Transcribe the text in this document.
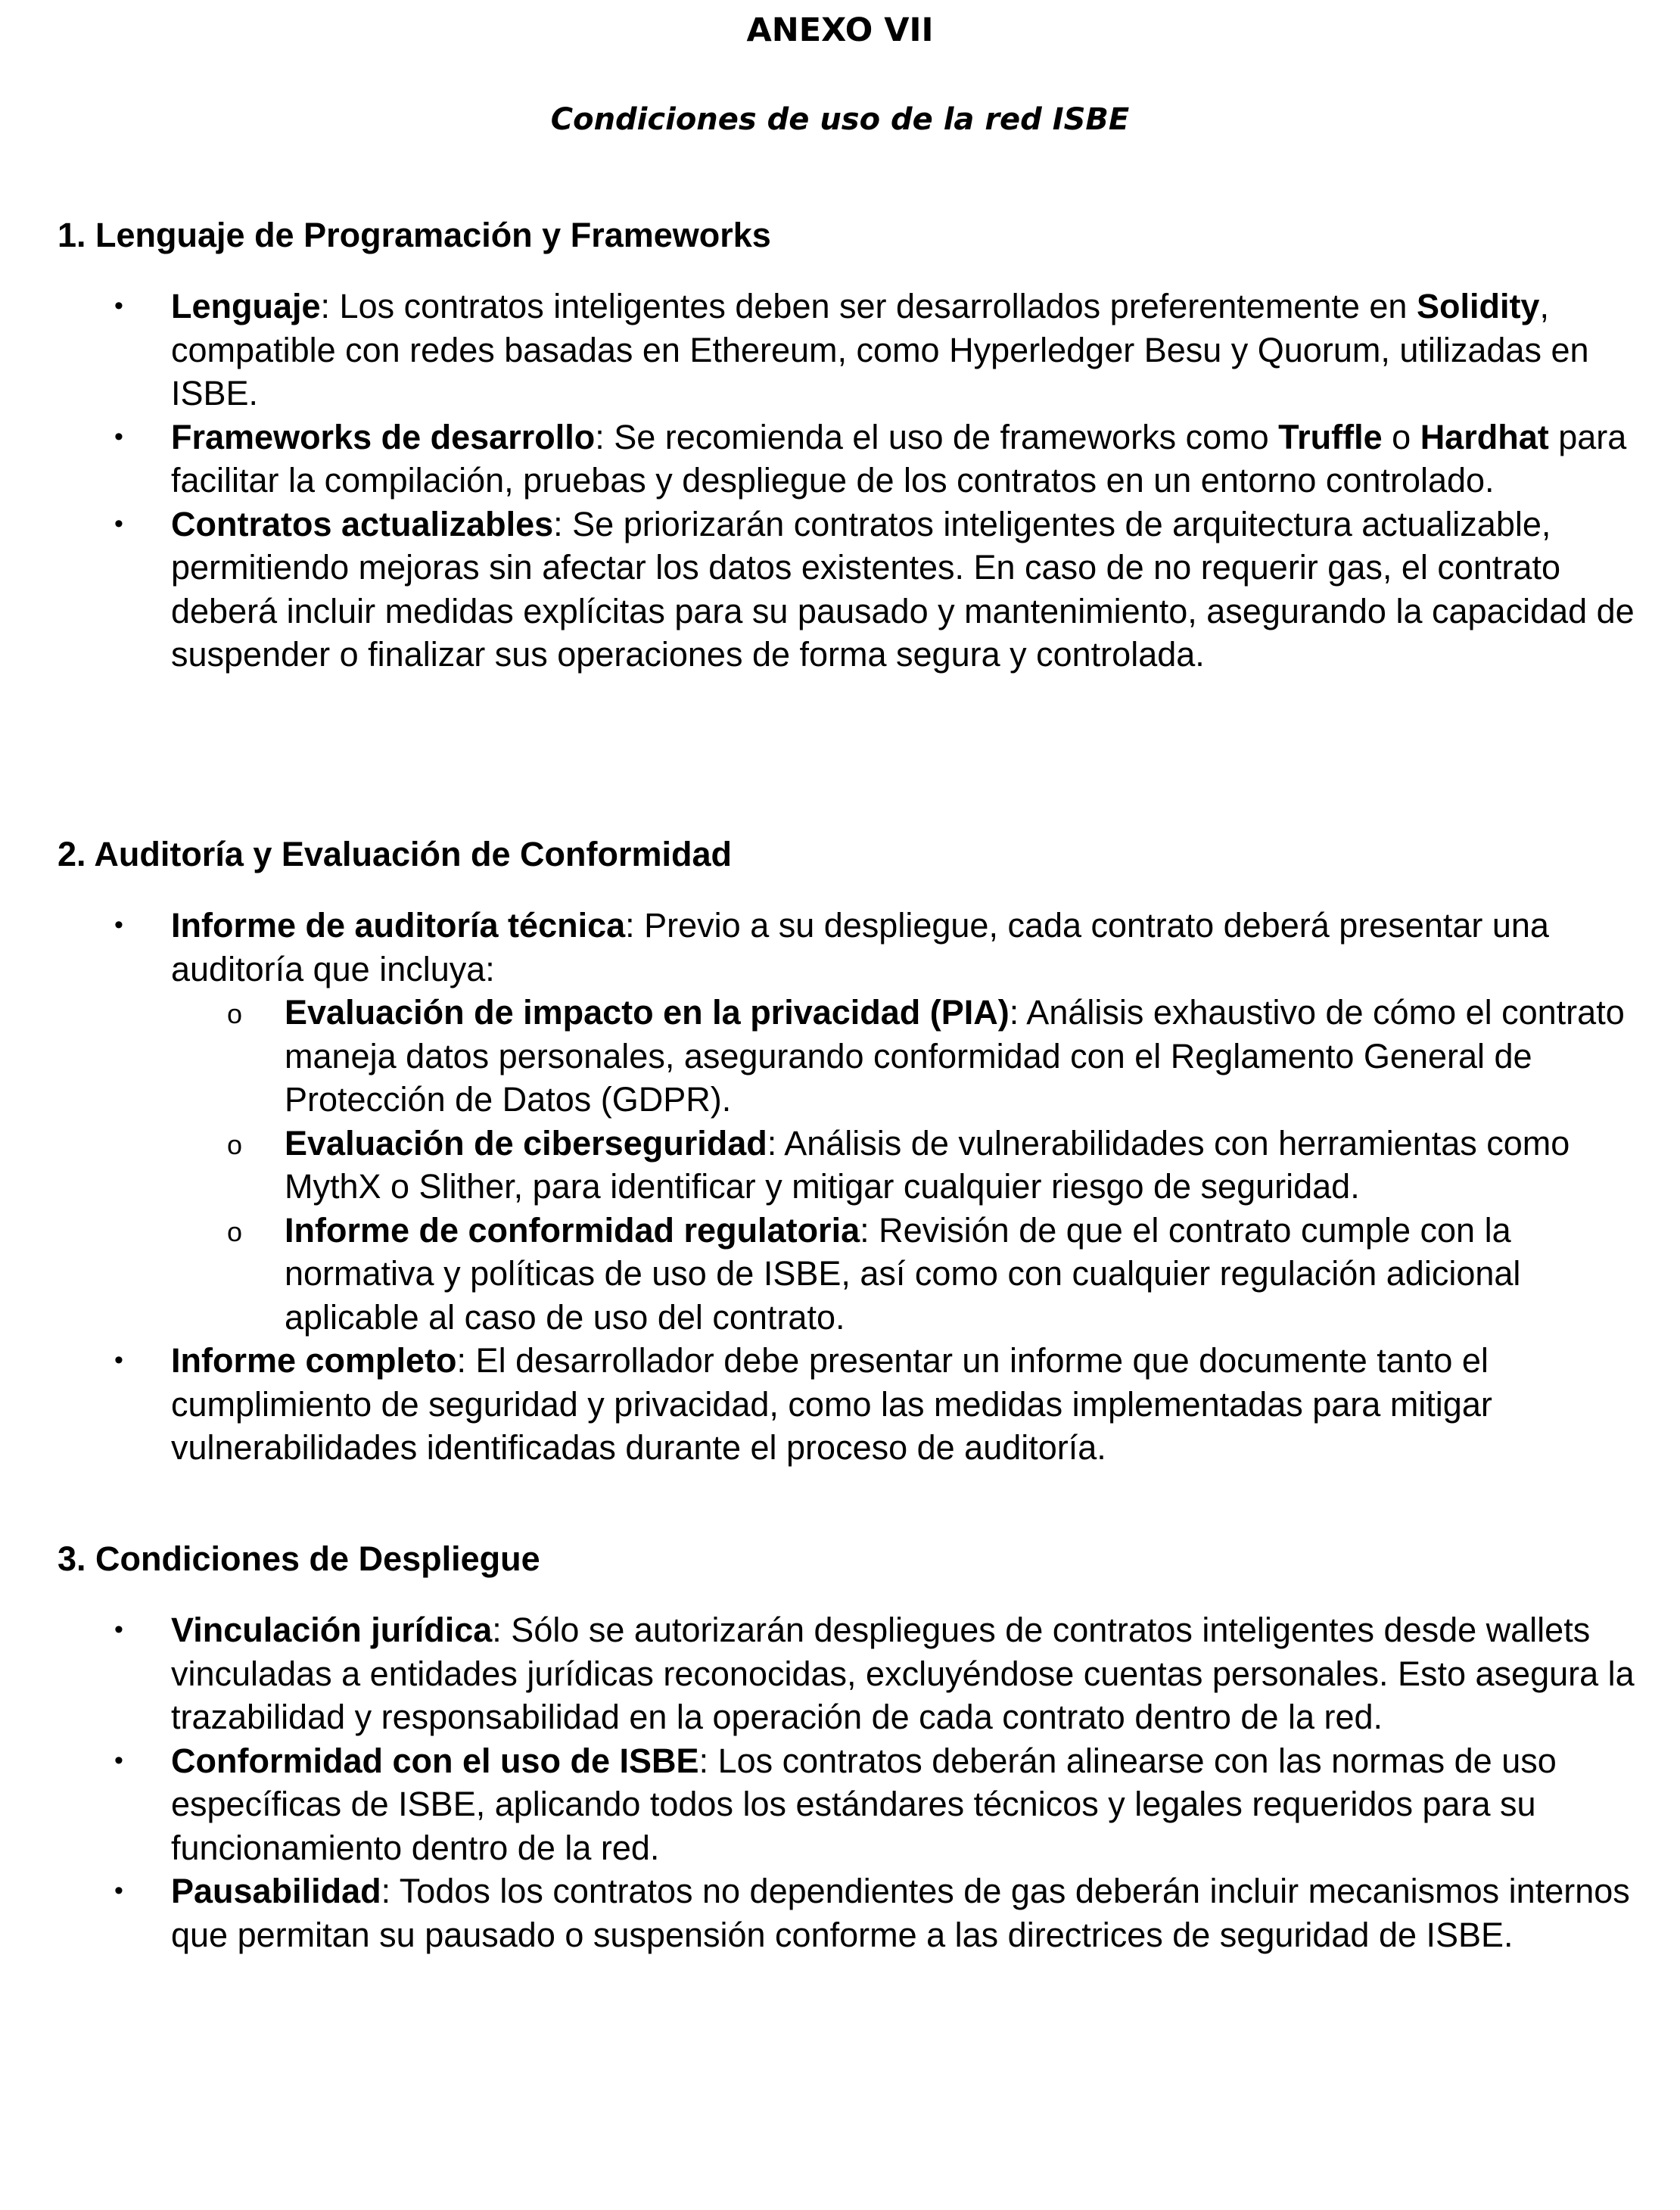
ANEXO VII
Condiciones de uso de la red ISBE
1. Lenguaje de Programación y Frameworks
•	Lenguaje: Los contratos inteligentes deben ser desarrollados preferentemente en Solidity, compatible con redes basadas en Ethereum, como Hyperledger Besu y Quorum, utilizadas en ISBE.
•	Frameworks de desarrollo: Se recomienda el uso de frameworks como Truffle o Hardhat para facilitar la compilación, pruebas y despliegue de los contratos en un entorno controlado.
•	Contratos actualizables: Se priorizarán contratos inteligentes de arquitectura actualizable, permitiendo mejoras sin afectar los datos existentes. En caso de no requerir gas, el contrato deberá incluir medidas explícitas para su pausado y mantenimiento, asegurando la capacidad de suspender o finalizar sus operaciones de forma segura y controlada.
2. Auditoría y Evaluación de Conformidad
•	Informe de auditoría técnica: Previo a su despliegue, cada contrato deberá presentar una auditoría que incluya:
o Evaluación de impacto en la privacidad (PIA): Análisis exhaustivo de cómo el contrato maneja datos personales, asegurando conformidad con el Reglamento General de Protección de Datos (GDPR).
o Evaluación de ciberseguridad: Análisis de vulnerabilidades con herramientas como MythX o Slither, para identificar y mitigar cualquier riesgo de seguridad.
o Informe de conformidad regulatoria: Revisión de que el contrato cumple con la normativa y políticas de uso de ISBE, así como con cualquier regulación adicional aplicable al caso de uso del contrato.
•	Informe completo: El desarrollador debe presentar un informe que documente tanto el cumplimiento de seguridad y privacidad, como las medidas implementadas para mitigar vulnerabilidades identificadas durante el proceso de auditoría.
3. Condiciones de Despliegue
•	Vinculación jurídica: Sólo se autorizarán despliegues de contratos inteligentes desde wallets vinculadas a entidades jurídicas reconocidas, excluyéndose cuentas personales. Esto asegura la trazabilidad y responsabilidad en la operación de cada contrato dentro de la red.
•	Conformidad con el uso de ISBE: Los contratos deberán alinearse con las normas de uso específicas de ISBE, aplicando todos los estándares técnicos y legales requeridos para su funcionamiento dentro de la red.
•	Pausabilidad: Todos los contratos no dependientes de gas deberán incluir mecanismos internos que permitan su pausado o suspensión conforme a las directrices de seguridad de ISBE.
